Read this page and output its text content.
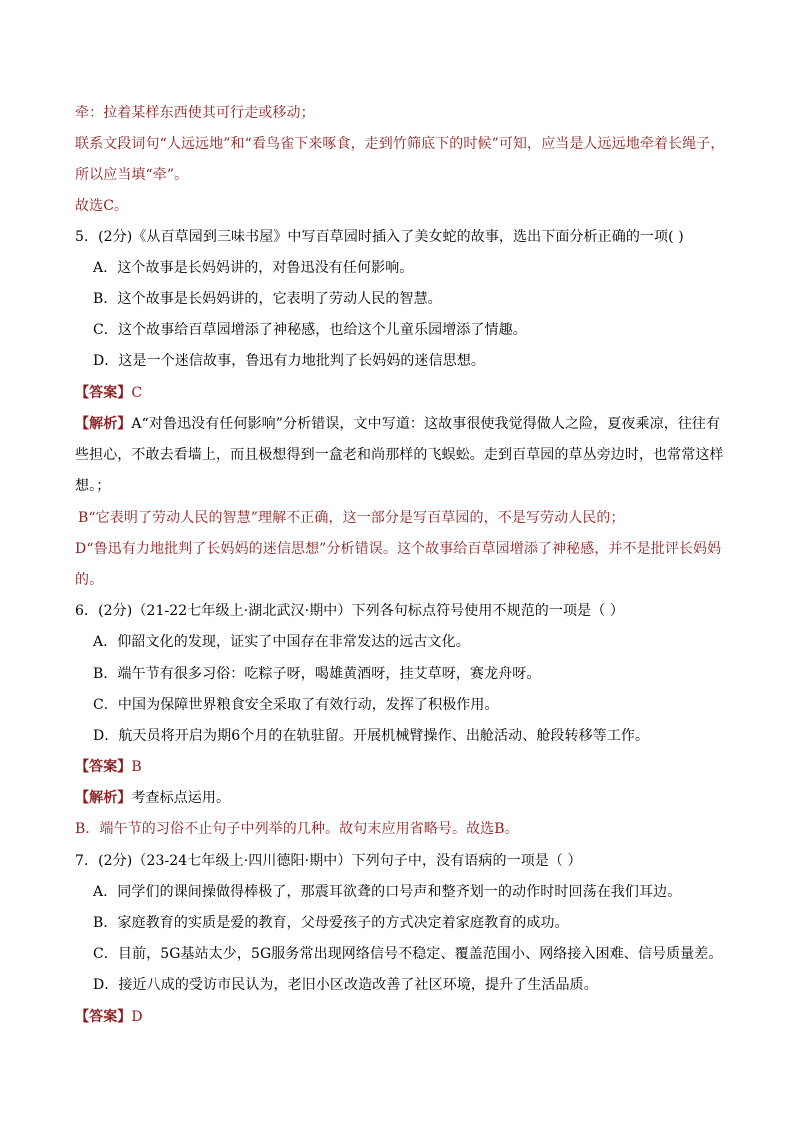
牵：拉着某样东西使其可行走或移动；
联系文段词句“人远远地”和“看鸟雀下来啄食，走到竹筛底下的时候”可知，应当是人远远地牵着长绳子，
所以应当填“牵”。
故选C。
5．(2分)《从百草园到三味书屋》中写百草园时插入了美女蛇的故事，选出下面分析正确的一项( )
A．这个故事是长妈妈讲的，对鲁迅没有任何影响。
B．这个故事是长妈妈讲的，它表明了劳动人民的智慧。
C．这个故事给百草园增添了神秘感，也给这个儿童乐园增添了情趣。
D．这是一个迷信故事，鲁迅有力地批判了长妈妈的迷信思想。
【答案】C
【解析】A“对鲁迅没有任何影响”分析错误，文中写道：这故事很使我觉得做人之险，夏夜乘凉，往往有
些担心，不敢去看墙上，而且极想得到一盒老和尚那样的飞蜈蚣。走到百草园的草丛旁边时，也常常这样
想。；
B“它表明了劳动人民的智慧”理解不正确，这一部分是写百草园的，不是写劳动人民的；
D“鲁迅有力地批判了长妈妈的迷信思想”分析错误。这个故事给百草园增添了神秘感，并不是批评长妈妈
的。
6．(2分)（21-22七年级上·湖北武汉·期中）下列各句标点符号使用不规范的一项是（ ）
A．仰韶文化的发现，证实了中国存在非常发达的远古文化。
B．端午节有很多习俗：吃粽子呀，喝雄黄酒呀，挂艾草呀，赛龙舟呀。
C．中国为保障世界粮食安全采取了有效行动，发挥了积极作用。
D．航天员将开启为期6个月的在轨驻留。开展机械臂操作、出舱活动、舱段转移等工作。
【答案】B
【解析】考查标点运用。
B．端午节的习俗不止句子中列举的几种。故句末应用省略号。故选B。
7．(2分)（23-24七年级上·四川德阳·期中）下列句子中，没有语病的一项是（ ）
A．同学们的课间操做得棒极了，那震耳欲聋的口号声和整齐划一的动作时时回荡在我们耳边。
B．家庭教育的实质是爱的教育，父母爱孩子的方式决定着家庭教育的成功。
C．目前，5G基站太少，5G服务常出现网络信号不稳定、覆盖范围小、网络接入困难、信号质量差。
D．接近八成的受访市民认为，老旧小区改造改善了社区环境，提升了生活品质。
【答案】D
